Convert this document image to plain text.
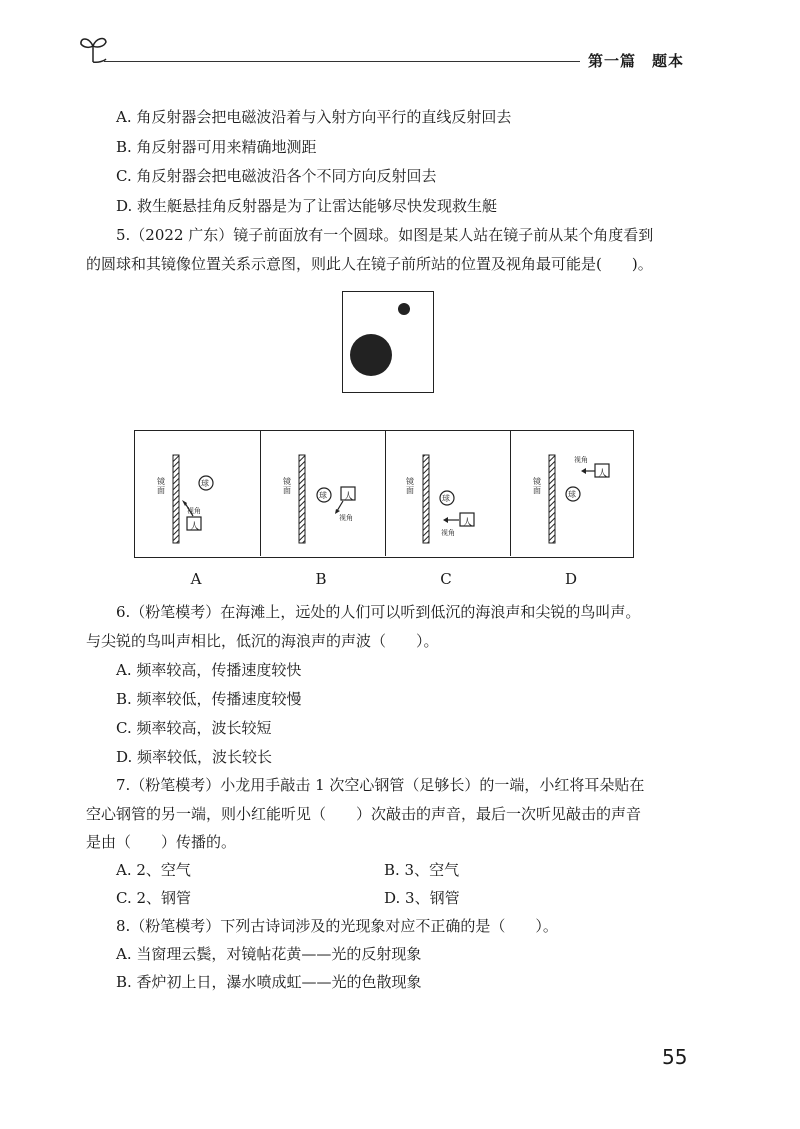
第一篇　题本
A. 角反射器会把电磁波沿着与入射方向平行的直线反射回去
B. 角反射器可用来精确地测距
C. 角反射器会把电磁波沿各个不同方向反射回去
D. 救生艇悬挂角反射器是为了让雷达能够尽快发现救生艇
5.（2022 广东）镜子前面放有一个圆球。如图是某人站在镜子前从某个角度看到
的圆球和其镜像位置关系示意图，则此人在镜子前所站的位置及视角最可能是(　　)。
镜面
球
人
视角
镜面
球 人
视角
镜面
球
人
视角
镜面	球
人
视角
A	B	C	D
6.（粉笔模考）在海滩上，远处的人们可以听到低沉的海浪声和尖锐的鸟叫声。
与尖锐的鸟叫声相比，低沉的海浪声的声波（　　）。
A. 频率较高，传播速度较快
B. 频率较低，传播速度较慢
C. 频率较高，波长较短
D. 频率较低，波长较长
7.（粉笔模考）小龙用手敲击 1 次空心钢管（足够长）的一端，小红将耳朵贴在
空心钢管的另一端，则小红能听见（　　）次敲击的声音，最后一次听见敲击的声音
是由（　　）传播的。
A. 2、空气	B. 3、空气
C. 2、钢管	D. 3、钢管
8.（粉笔模考）下列古诗词涉及的光现象对应不正确的是（　　）。
A. 当窗理云鬓，对镜帖花黄——光的反射现象
B. 香炉初上日，瀑水喷成虹——光的色散现象
55
